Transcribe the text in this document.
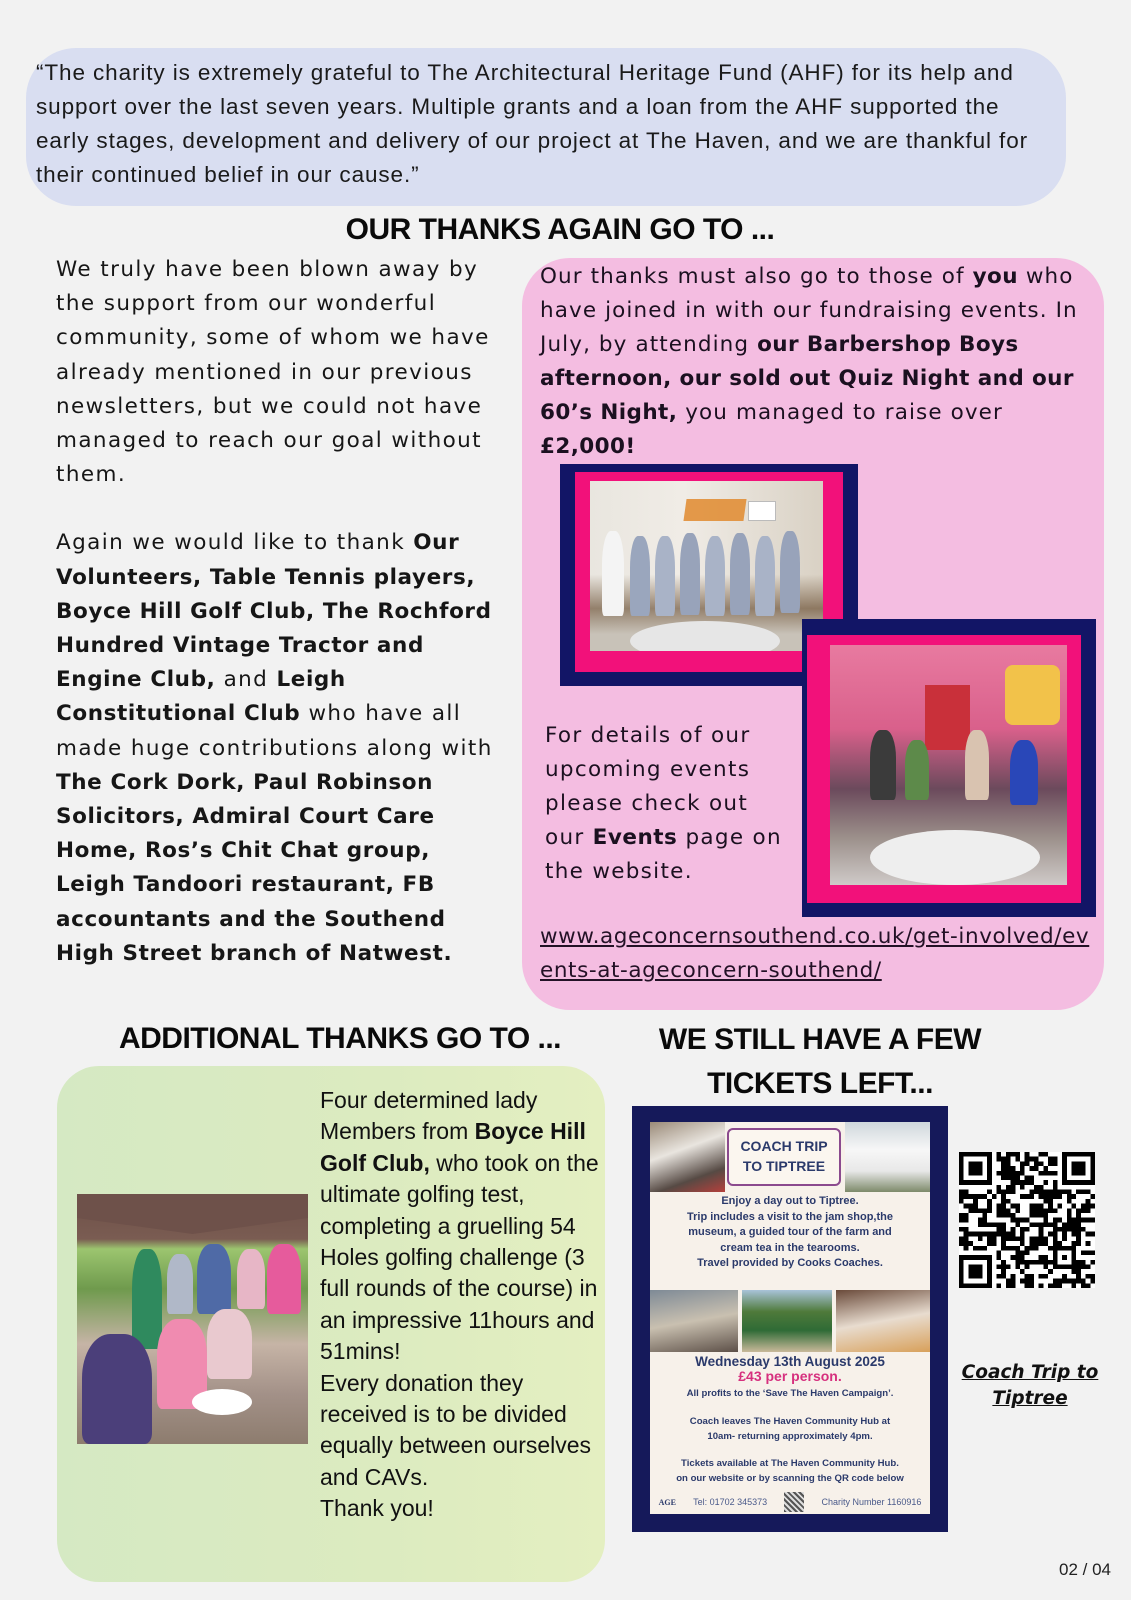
“The charity is extremely grateful to The Architectural Heritage Fund (AHF) for its help and support over the last seven years. Multiple grants and a loan from the AHF supported the early stages, development and delivery of our project at The Haven, and we are thankful for their continued belief in our cause.”

OUR THANKS AGAIN GO TO ...

We truly have been blown away by the support from our wonderful community, some of whom we have already mentioned in our previous newsletters, but we could not have managed to reach our goal without them.

Again we would like to thank Our Volunteers, Table Tennis players, Boyce Hill Golf Club, The Rochford Hundred Vintage Tractor and Engine Club, and Leigh Constitutional Club who have all made huge contributions along with The Cork Dork, Paul Robinson Solicitors, Admiral Court Care Home, Ros’s Chit Chat group, Leigh Tandoori restaurant, FB accountants and the Southend High Street branch of Natwest.

Our thanks must also go to those of you who have joined in with our fundraising events. In July, by attending our Barbershop Boys afternoon, our sold out Quiz Night and our 60’s Night, you managed to raise over £2,000!

For details of our upcoming events please check out our Events page on the website.

www.ageconcernsouthend.co.uk/get-involved/events-at-ageconcern-southend/
ADDITIONAL THANKS GO TO ...

Four determined lady Members from Boyce Hill Golf Club, who took on the ultimate golfing test, completing a gruelling 54 Holes golfing challenge (3 full rounds of the course) in an impressive 11hours and 51mins!

Every donation they received is to be divided equally between ourselves and CAVs.

Thank you!

WE STILL HAVE A FEW TICKETS LEFT...
COACH TRIP
TO TIPTREE
Enjoy a day out to Tiptree.
Trip includes a visit to the jam shop,the
museum, a guided tour of the farm and
cream tea in the tearooms.
Travel provided by Cooks Coaches.
Wednesday 13th August 2025
£43 per person.
All profits to the ‘Save The Haven Campaign’.
Coach leaves The Haven Community Hub at
10am- returning approximately 4pm.
Tickets available at The Haven Community Hub.
on our website or by scanning the QR code below
AGE Tel: 01702 345373	Charity Number 1160916
Coach Trip to Tiptree
02 / 04
